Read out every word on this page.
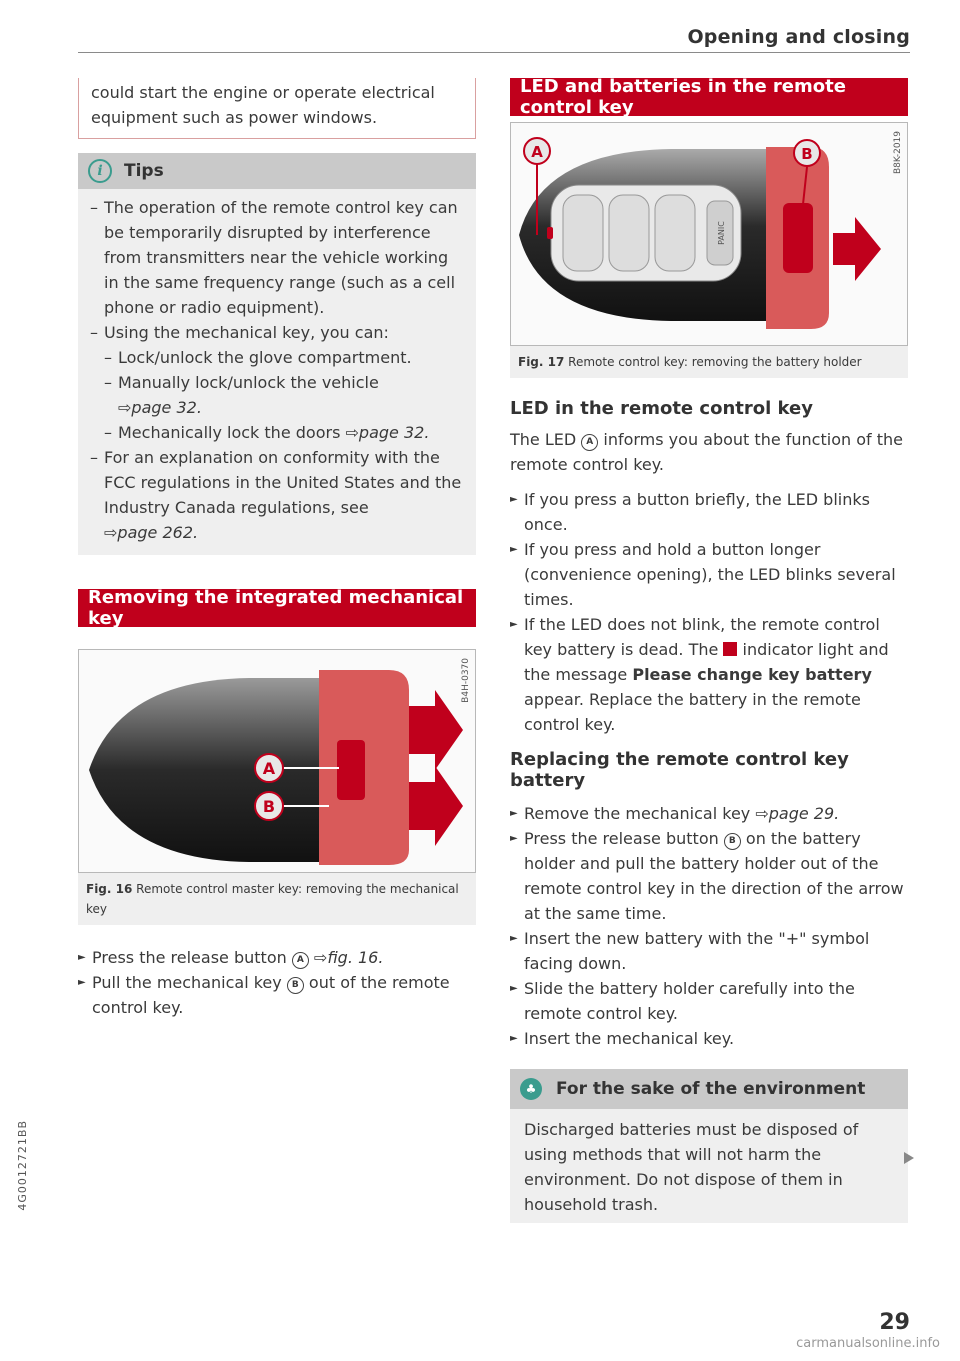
Opening and closing
could start the engine or operate electrical equipment such as power windows.
i	Tips
– The operation of the remote control key can be temporarily disrupted by interference from transmitters near the vehicle working in the same frequency range (such as a cell phone or radio equipment).
– Using the mechanical key, you can:
– Lock/unlock the glove compartment.
– Manually lock/unlock the vehicle
⇨page 32.
– Mechanically lock the doors ⇨page 32.
– For an explanation on conformity with the FCC regulations in the United States and the Industry Canada regulations, see
⇨page 262.
Removing the integrated mechanical key
A
B
B4H-0370
Fig. 16 Remote control master key: removing the mechanical key
► Press the release button A ⇨fig. 16.
► Pull the mechanical key B out of the remote control key.
LED and batteries in the remote control key
PANIC
A	B	B8K-2019
Fig. 17 Remote control key: removing the battery holder
LED in the remote control key
The LED A informs you about the function of the remote control key.
► If you press a button briefly, the LED blinks once.
► If you press and hold a button longer (convenience opening), the LED blinks several times.
► If the LED does not blink, the remote control key battery is dead. The  indicator light and the message Please change key battery appear. Replace the battery in the remote control key.
Replacing the remote control key battery
► Remove the mechanical key ⇨page 29.
► Press the release button B on the battery holder and pull the battery holder out of the remote control key in the direction of the arrow at the same time.
► Insert the new battery with the "+" symbol facing down.
► Slide the battery holder carefully into the remote control key.
► Insert the mechanical key.
♣	For the sake of the environment
Discharged batteries must be disposed of using methods that will not harm the environment. Do not dispose of them in household trash.
4G0012721BB
29
carmanualsonline.info
